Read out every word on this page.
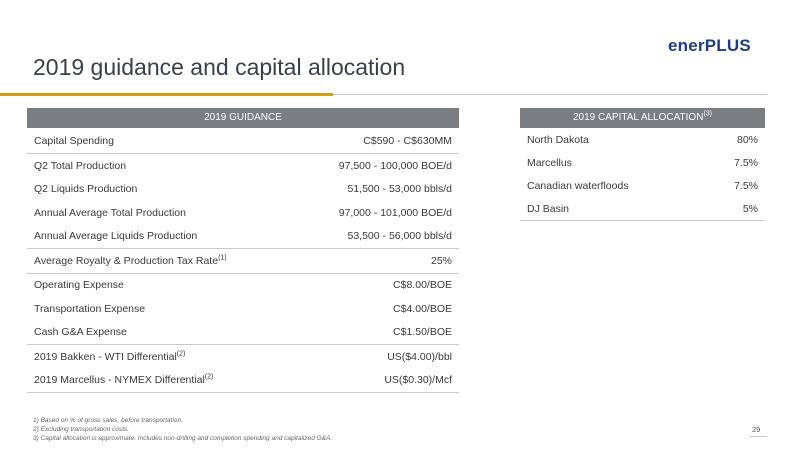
2019 guidance and capital allocation
enerPLUS
2019 GUIDANCE
Capital Spending	C$590 - C$630MM
Q2 Total Production	97,500 - 100,000 BOE/d
Q2 Liquids Production	51,500 - 53,000 bbls/d
Annual Average Total Production	97,000 - 101,000 BOE/d
Annual Average Liquids Production	53,500 - 56,000 bbls/d
Average Royalty & Production Tax Rate$^{(1)}$	25%
Operating Expense	C$8.00/BOE
Transportation Expense	C$4.00/BOE
Cash G&A Expense	C$1.50/BOE
2019 Bakken - WTI Differential$^{(2)}$	US($4.00)/bbl
2019 Marcellus - NYMEX Differential$^{(2)}$	US($0.30)/Mcf
2019 CAPITAL ALLOCATION$^{(3)}$
North Dakota	80%
Marcellus	7.5%
Canadian waterfloods	7.5%
DJ Basin	5%
1) Based on % of gross sales, before transportation.
2) Excluding transportation costs.
3) Capital allocation is approximate. Includes non-drilling and completion spending and capitalized G&A.
29
